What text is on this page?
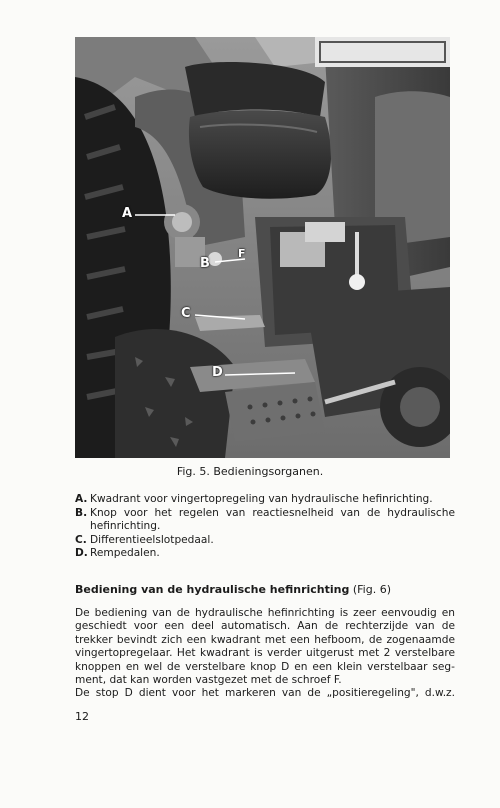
A
B
F
C
D
Fig. 5. Bedieningsorganen.
A. Kwadrant voor vingertopregeling van hydraulische hefinrichting.
B. Knop voor het regelen van reactiesnelheid van de hydraulische hefinrichting.
C. Differentieelslotpedaal.
D. Rempedalen.
Bediening van de hydraulische hefinrichting (Fig. 6)
De bediening van de hydraulische hefinrichting is zeer eenvoudig en
geschiedt voor een deel automatisch. Aan de rechterzijde van de
trekker bevindt zich een kwadrant met een hefboom, de zogenaamde
vingertopregelaar. Het kwadrant is verder uitgerust met 2 verstelbare
knoppen en wel de verstelbare knop D en een klein verstelbaar seg-
ment, dat kan worden vastgezet met de schroef F.
De stop D dient voor het markeren van de „positieregeling", d.w.z.
12
